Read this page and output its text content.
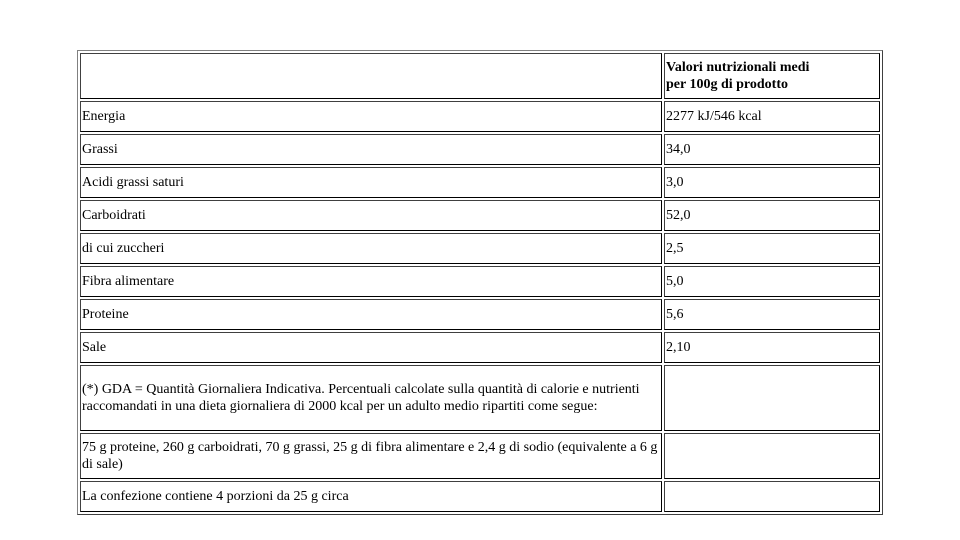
	Valori nutrizionali medi
per 100g di prodotto
Energia	2277 kJ/546 kcal
Grassi	34,0
Acidi grassi saturi	3,0
Carboidrati	52,0
di cui zuccheri	2,5
Fibra alimentare	5,0
Proteine	5,6
Sale	2,10
(*) GDA = Quantità Giornaliera Indicativa. Percentuali calcolate sulla quantità di calorie e nutrienti raccomandati in una dieta giornaliera di 2000 kcal per un adulto medio ripartiti come segue:	
75 g proteine, 260 g carboidrati, 70 g grassi, 25 g di fibra alimentare e 2,4 g di sodio (equivalente a 6 g di sale)	
La confezione contiene 4 porzioni da 25 g circa	
